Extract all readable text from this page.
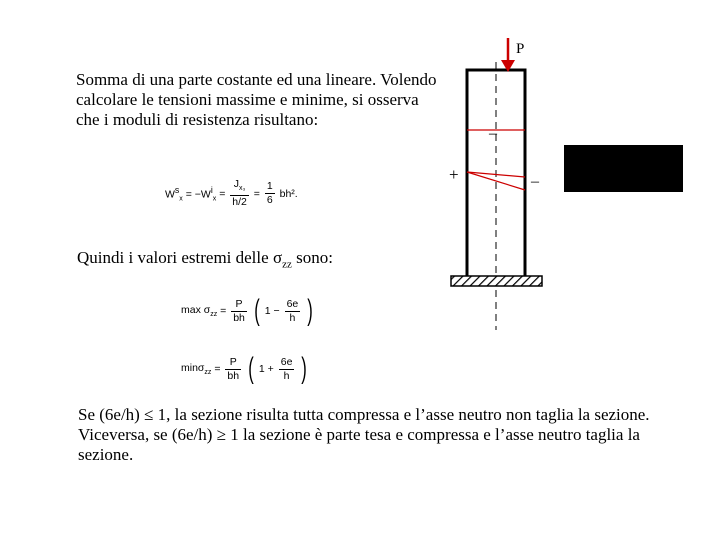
Somma di una parte costante ed una lineare. Volendo calcolare le tensioni massime e minime, si osserva che i moduli di resistenza risultano:
$W^s_x = -W^i_x = \frac{J_{x_3}}{h/2} = \frac{1}{6} bh^2$.
Quindi i valori estremi delle $\sigma_{zz}$ sono:
$\max \sigma_{zz} = \frac{P}{bh}$ ( $1 - \frac{6e}{h}$ )
$\min\sigma_{zz} = \frac{P}{bh}$ ( $1 + \frac{6e}{h}$ )
Se (6e/h) ≤ 1, la sezione risulta tutta compressa e l’asse neutro non taglia la sezione. Viceversa, se (6e/h) ≥ 1 la sezione è parte tesa e compressa e l’asse neutro taglia la sezione.
P
–
+	–
